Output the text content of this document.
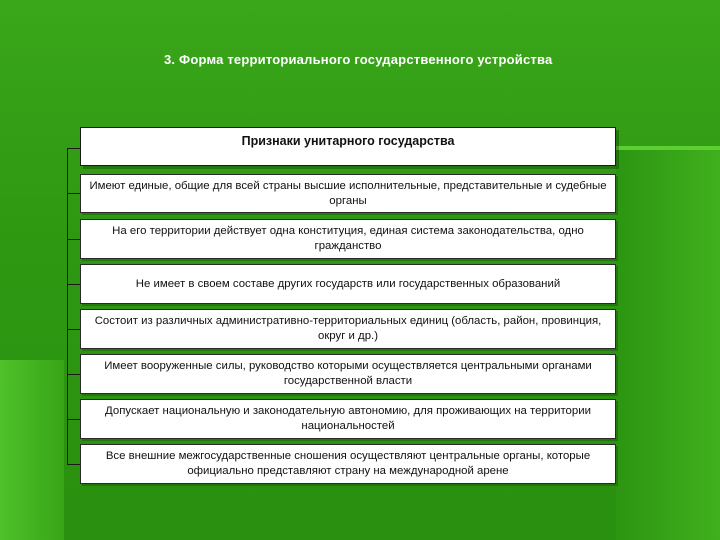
3. Форма территориального государственного устройства
Признаки унитарного государства
Имеют единые, общие для всей страны высшие исполнительные, представительные и судебные органы
На его территории действует одна конституция, единая система законодательства, одно гражданство
Не имеет в своем составе других государств или государственных образований
Состоит из различных административно-территориальных единиц (область, район, провинция, округ и др.)
Имеет вооруженные силы, руководство которыми осуществляется центральными органами государственной власти
Допускает национальную и законодательную автономию, для проживающих на территории национальностей
Все внешние межгосударственные сношения осуществляют центральные органы, которые официально представляют страну на международной арене
